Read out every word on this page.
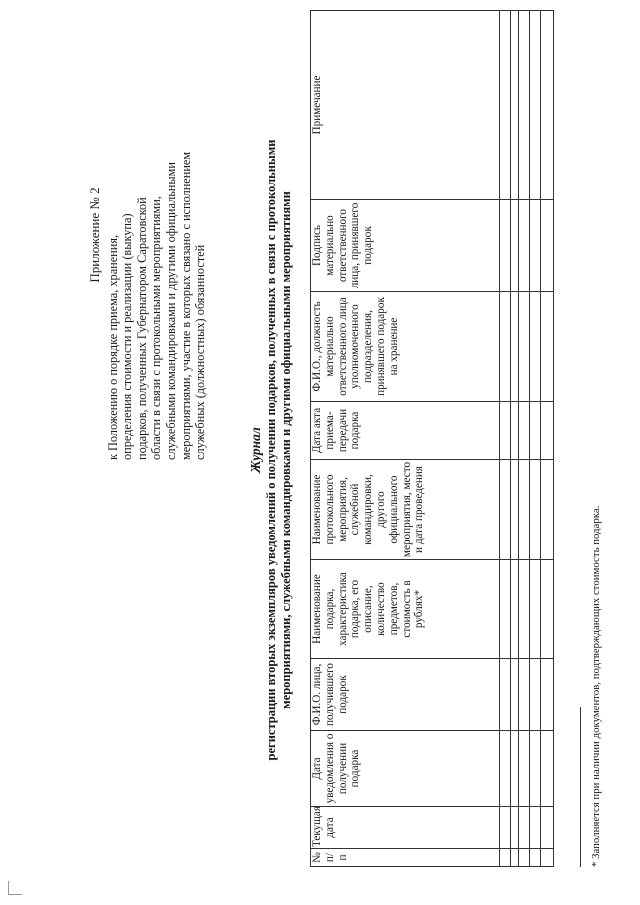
Приложение № 2 к Положению о порядке приема, хранения, определения стоимости и реализации (выкупа) подарков, полученных Губернатором Саратовской области в связи с протокольными мероприятиями, служебными командировками и другими официальными мероприятиями, участие в которых связано с исполнением служебных (должностных) обязанностей	Журнал регистрации вторых экземпляров уведомлений о получении подарков, полученных в связи с протокольными мероприятиями, служебными командировками и другими официальными мероприятиями
№ п/п	Текущая дата	Дата уведомления о получении подарка	Ф.И.О. лица, получившего подарок	Наименование подарка, характеристика подарка, его описание, количество предметов, стоимость в рублях*	Наименование протокольного мероприятия, служебной командировки, другого официального мероприятия, место и дата проведения	Дата акта приема-передачи подарка	Ф.И.О., должность материально ответственного лица уполномоченного подразделения, принявшего подарок на хранение	Подпись материально ответственного лица, принявшего подарок	Примечание

* Заполняется при наличии документов, подтверждающих стоимость подарка.
